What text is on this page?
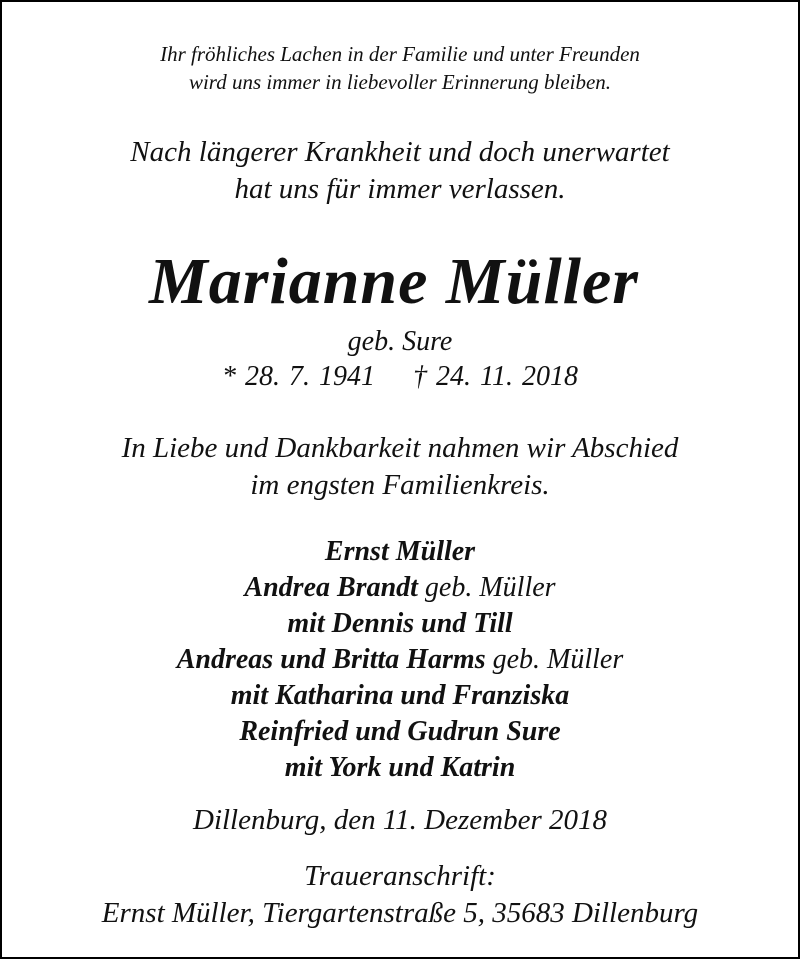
Ihr fröhliches Lachen in der Familie und unter Freunden
wird uns immer in liebevoller Erinnerung bleiben.
Nach längerer Krankheit und doch unerwartet
hat uns für immer verlassen.
Marianne Müller
geb. Sure
* 28. 7. 1941 † 24. 11. 2018
In Liebe und Dankbarkeit nahmen wir Abschied
im engsten Familienkreis.
Ernst Müller
Andrea Brandt geb. Müller
mit Dennis und Till
Andreas und Britta Harms geb. Müller
mit Katharina und Franziska
Reinfried und Gudrun Sure
mit York und Katrin
Dillenburg, den 11. Dezember 2018
Traueranschrift:
Ernst Müller, Tiergartenstraße 5, 35683 Dillenburg
